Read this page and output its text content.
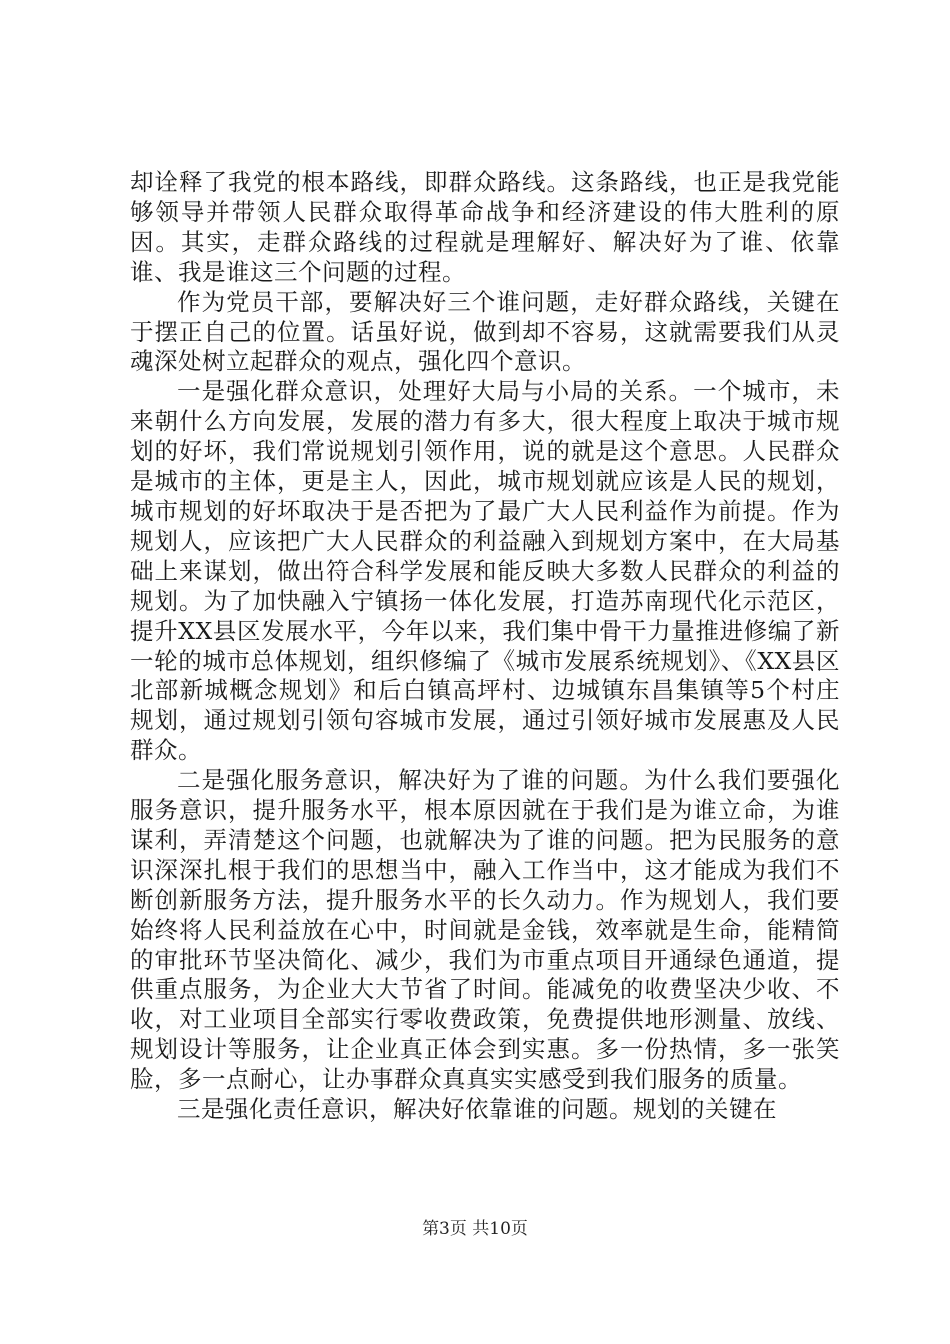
却诠释了我党的根本路线，即群众路线。这条路线，也正是我党能够领导并带领人民群众取得革命战争和经济建设的伟大胜利的原因。其实，走群众路线的过程就是理解好、解决好为了谁、依靠谁、我是谁这三个问题的过程。

作为党员干部，要解决好三个谁问题，走好群众路线，关键在于摆正自己的位置。话虽好说，做到却不容易，这就需要我们从灵魂深处树立起群众的观点，强化四个意识。

一是强化群众意识，处理好大局与小局的关系。一个城市，未来朝什么方向发展，发展的潜力有多大，很大程度上取决于城市规划的好坏，我们常说规划引领作用，说的就是这个意思。人民群众是城市的主体，更是主人，因此，城市规划就应该是人民的规划，城市规划的好坏取决于是否把为了最广大人民利益作为前提。作为规划人，应该把广大人民群众的利益融入到规划方案中，在大局基础上来谋划，做出符合科学发展和能反映大多数人民群众的利益的规划。为了加快融入宁镇扬一体化发展，打造苏南现代化示范区，提升XX县区发展水平，今年以来，我们集中骨干力量推进修编了新一轮的城市总体规划，组织修编了《城市发展系统规划》、《XX县区北部新城概念规划》和后白镇高坪村、边城镇东昌集镇等5个村庄规划，通过规划引领句容城市发展，通过引领好城市发展惠及人民群众。

二是强化服务意识，解决好为了谁的问题。为什么我们要强化服务意识，提升服务水平，根本原因就在于我们是为谁立命，为谁谋利，弄清楚这个问题，也就解决为了谁的问题。把为民服务的意识深深扎根于我们的思想当中，融入工作当中，这才能成为我们不断创新服务方法，提升服务水平的长久动力。作为规划人，我们要始终将人民利益放在心中，时间就是金钱，效率就是生命，能精简的审批环节坚决简化、减少，我们为市重点项目开通绿色通道，提供重点服务，为企业大大节省了时间。能减免的收费坚决少收、不收，对工业项目全部实行零收费政策，免费提供地形测量、放线、规划设计等服务，让企业真正体会到实惠。多一份热情，多一张笑脸，多一点耐心，让办事群众真真实实感受到我们服务的质量。

三是强化责任意识，解决好依靠谁的问题。规划的关键在

第3页 共10页
